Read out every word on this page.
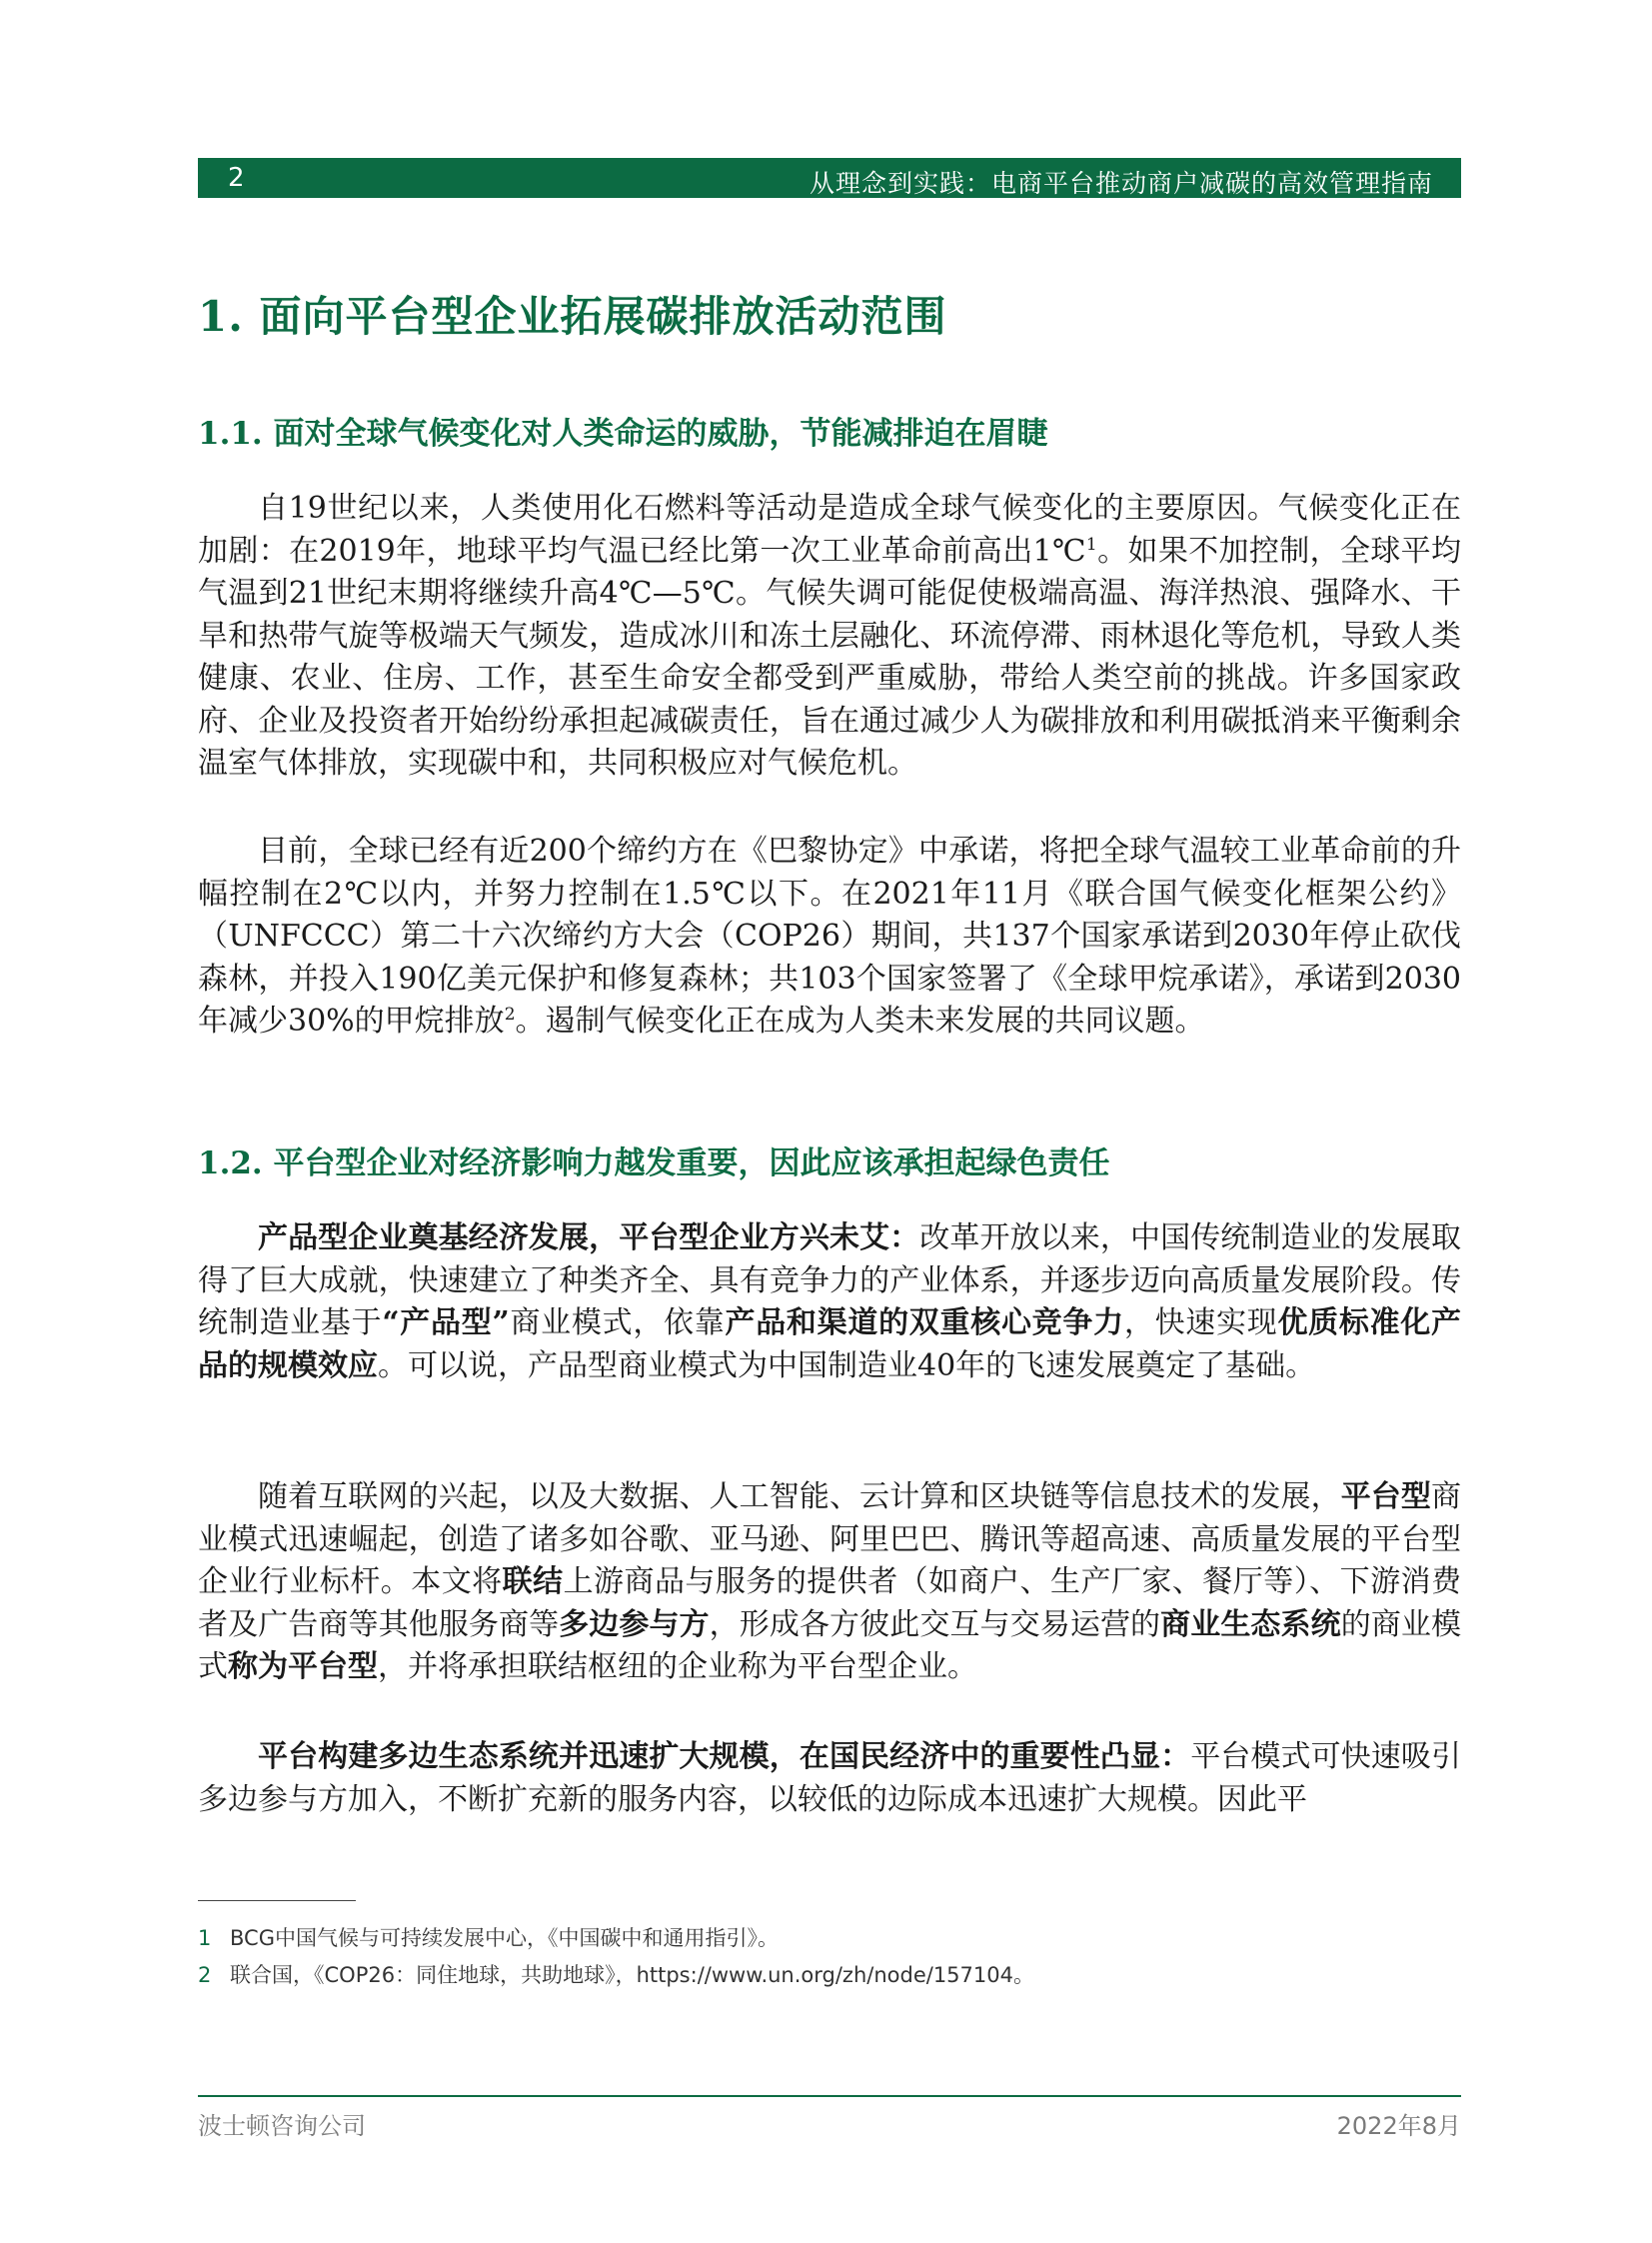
2	从理念到实践：电商平台推动商户减碳的高效管理指南
1. 面向平台型企业拓展碳排放活动范围
1.1. 面对全球气候变化对人类命运的威胁，节能减排迫在眉睫

自19世纪以来，人类使用化石燃料等活动是造成全球气候变化的主要原因。气候变化正在加剧：在2019年，地球平均气温已经比第一次工业革命前高出1℃$^1$。如果不加控制，全球平均气温到21世纪末期将继续升高4℃—5℃。气候失调可能促使极端高温、海洋热浪、强降水、干旱和热带气旋等极端天气频发，造成冰川和冻土层融化、环流停滞、雨林退化等危机，导致人类健康、农业、住房、工作，甚至生命安全都受到严重威胁，带给人类空前的挑战。许多国家政府、企业及投资者开始纷纷承担起减碳责任，旨在通过减少人为碳排放和利用碳抵消来平衡剩余温室气体排放，实现碳中和，共同积极应对气候危机。

目前，全球已经有近200个缔约方在《巴黎协定》中承诺，将把全球气温较工业革命前的升幅控制在2℃以内，并努力控制在1.5℃以下。在2021年11月《联合国气候变化框架公约》（UNFCCC）第二十六次缔约方大会（COP26）期间，共137个国家承诺到2030年停止砍伐森林，并投入190亿美元保护和修复森林；共103个国家签署了《全球甲烷承诺》，承诺到2030年减少30%的甲烷排放$^2$。遏制气候变化正在成为人类未来发展的共同议题。

1.2. 平台型企业对经济影响力越发重要，因此应该承担起绿色责任

产品型企业奠基经济发展，平台型企业方兴未艾：改革开放以来，中国传统制造业的发展取得了巨大成就，快速建立了种类齐全、具有竞争力的产业体系，并逐步迈向高质量发展阶段。传统制造业基于“产品型”商业模式，依靠产品和渠道的双重核心竞争力，快速实现优质标准化产品的规模效应。可以说，产品型商业模式为中国制造业40年的飞速发展奠定了基础。

随着互联网的兴起，以及大数据、人工智能、云计算和区块链等信息技术的发展，平台型商业模式迅速崛起，创造了诸多如谷歌、亚马逊、阿里巴巴、腾讯等超高速、高质量发展的平台型企业行业标杆。本文将联结上游商品与服务的提供者（如商户、生产厂家、餐厅等）、下游消费者及广告商等其他服务商等多边参与方，形成各方彼此交互与交易运营的商业生态系统的商业模式称为平台型，并将承担联结枢纽的企业称为平台型企业。

平台构建多边生态系统并迅速扩大规模，在国民经济中的重要性凸显：平台模式可快速吸引多边参与方加入，不断扩充新的服务内容，以较低的边际成本迅速扩大规模。因此平

1 BCG中国气候与可持续发展中心，《中国碳中和通用指引》。
2 联合国，《COP26：同住地球，共助地球》，https://www.un.org/zh/node/157104。
波士顿咨询公司	2022年8月
